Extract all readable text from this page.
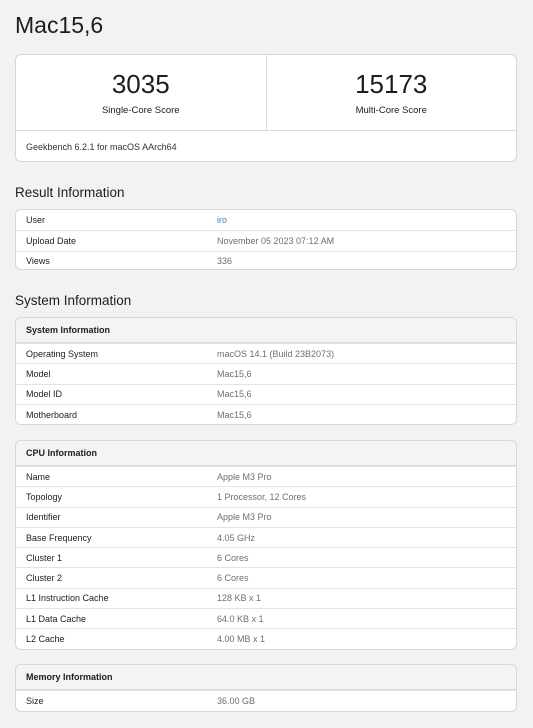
Mac15,6
3035
Single-Core Score
15173
Multi-Core Score
Geekbench 6.2.1 for macOS AArch64
Result Information
User	iro
Upload Date	November 05 2023 07:12 AM
Views	336
System Information
System Information
Operating System	macOS 14.1 (Build 23B2073)
Model	Mac15,6
Model ID	Mac15,6
Motherboard	Mac15,6
CPU Information
Name	Apple M3 Pro
Topology	1 Processor, 12 Cores
Identifier	Apple M3 Pro
Base Frequency	4.05 GHz
Cluster 1	6 Cores
Cluster 2	6 Cores
L1 Instruction Cache	128 KB x 1
L1 Data Cache	64.0 KB x 1
L2 Cache	4.00 MB x 1
Memory Information
Size	36.00 GB
